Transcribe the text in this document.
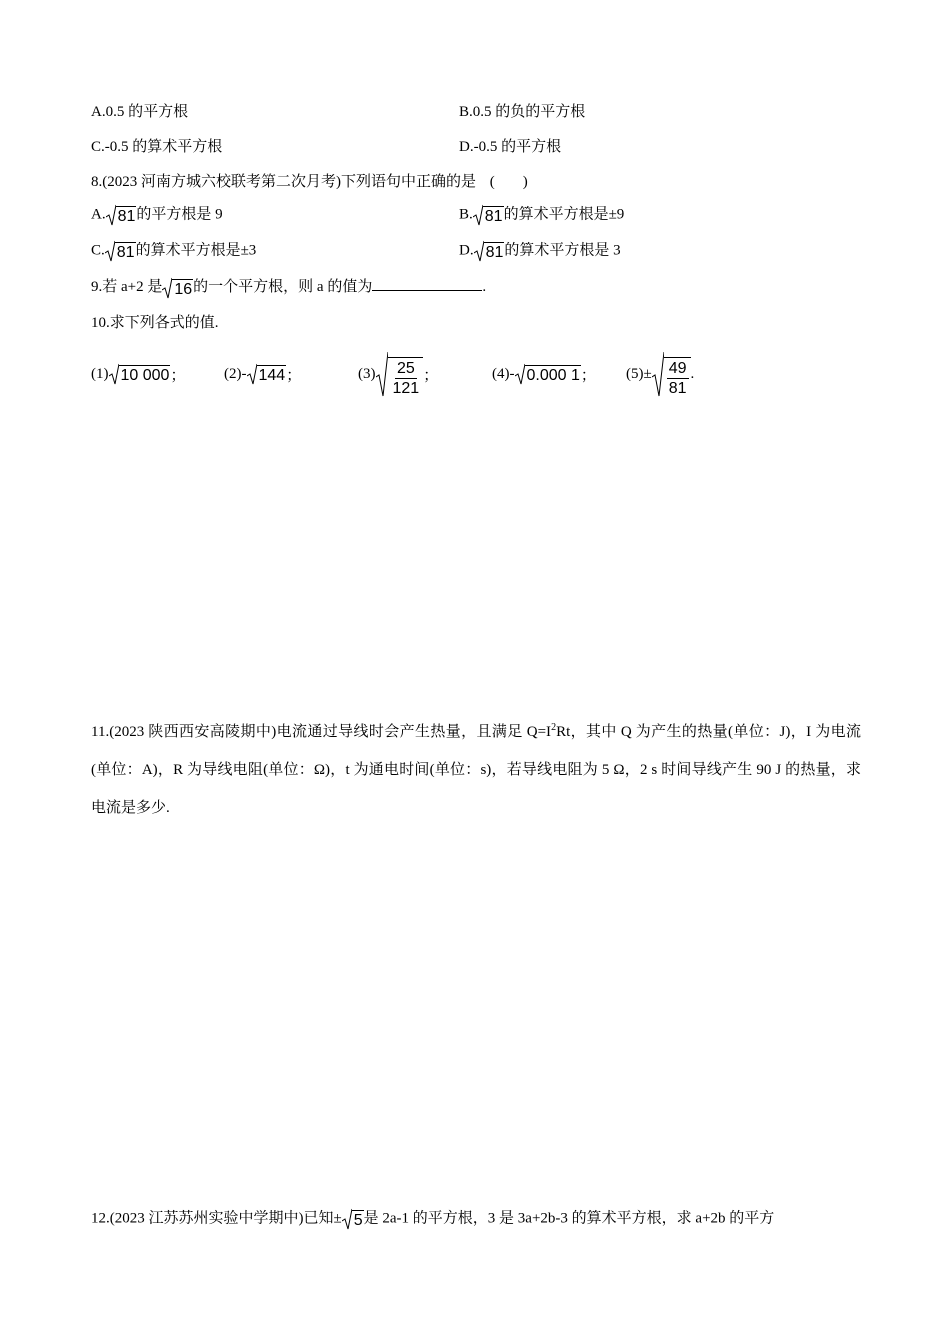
A.0.5 的平方根	B.0.5 的负的平方根
C.-0.5 的算术平方根	D.-0.5 的平方根
8.(2023 河南方城六校联考第二次月考)下列语句中正确的是 ( )
A. 81 的平方根是 9	B. 81 的算术平方根是±9
C. 81 的算术平方根是±3	D. 81 的算术平方根是 3
9.若 a+2 是 16 的一个平方根，则 a 的值为	.
10.求下列各式的值.
(1) 10 000 ；	(2)- 144 ；	$(3) \frac{25}{121}$ ；	(4)- 0.000 1 ； $(5)\pm \frac{49}{81}$ .
11.(2023 陕西西安高陵期中)电流通过导线时会产生热量，且满足 $Q=I^2Rt$，其中 Q 为产生的热量(单位：J)，I 为电流(单位：A)，R 为导线电阻(单位：Ω)，t 为通电时间(单位：s)，若导线电阻为 5 Ω，2 s 时间导线产生 90 J 的热量，求电流是多少.
12.(2023 江苏苏州实验中学期中)已知± 5 是 2a-1 的平方根，3 是 3a+2b-3 的算术平方根，求 a+2b 的平方
